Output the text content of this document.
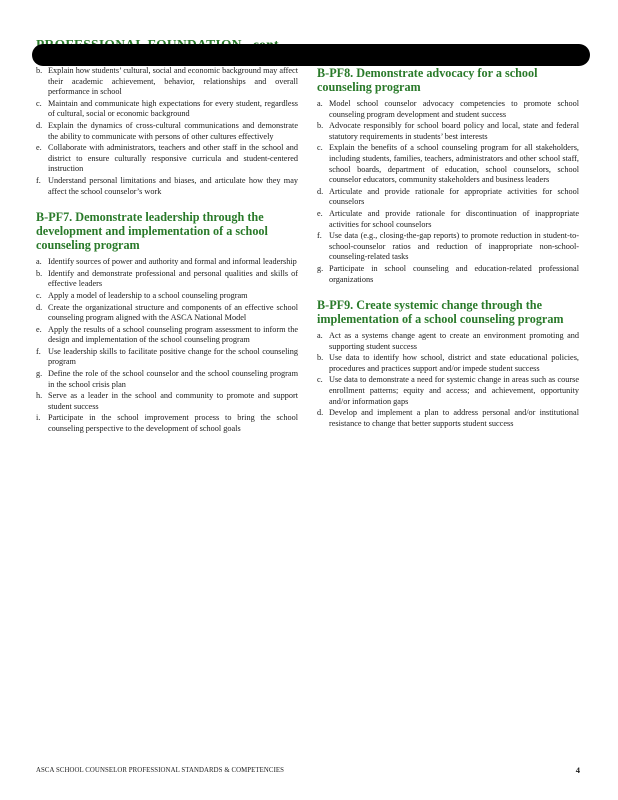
b. Explain how students’ cultural, social and economic background may affect their academic achievement, behavior, relationships and overall performance in school
c. Maintain and communicate high expectations for every student, regardless of cultural, social or economic background
d. Explain the dynamics of cross-cultural communications and demonstrate the ability to communicate with persons of other cultures effectively
e. Collaborate with administrators, teachers and other staff in the school and district to ensure culturally responsive curricula and student-centered instruction
f. Understand personal limitations and biases, and articulate how they may affect the school counselor’s work
B-PF7. Demonstrate leadership through the development and implementation of a school counseling program
a. Identify sources of power and authority and formal and informal leadership
b. Identify and demonstrate professional and personal qualities and skills of effective leaders
c. Apply a model of leadership to a school counseling program
d. Create the organizational structure and components of an effective school counseling program aligned with the ASCA National Model
e. Apply the results of a school counseling program assessment to inform the design and implementation of the school counseling program
f. Use leadership skills to facilitate positive change for the school counseling program
g. Define the role of the school counselor and the school counseling program in the school crisis plan
h. Serve as a leader in the school and community to promote and support student success
i. Participate in the school improvement process to bring the school counseling perspective to the development of school goals
B-PF8. Demonstrate advocacy for a school counseling program
a. Model school counselor advocacy competencies to promote school counseling program development and student success
b. Advocate responsibly for school board policy and local, state and federal statutory requirements in students’ best interests
c. Explain the benefits of a school counseling program for all stakeholders, including students, families, teachers, administrators and other school staff, school boards, department of education, school counselors, school counselor educators, community stakeholders and business leaders
d. Articulate and provide rationale for appropriate activities for school counselors
e. Articulate and provide rationale for discontinuation of inappropriate activities for school counselors
f. Use data (e.g., closing-the-gap reports) to promote reduction in student-to-school-counselor ratios and reduction of inappropriate non-school-counseling-related tasks
g. Participate in school counseling and education-related professional organizations
B-PF9. Create systemic change through the implementation of a school counseling program
a. Act as a systems change agent to create an environment promoting and supporting student success
b. Use data to identify how school, district and state educational policies, procedures and practices support and/or impede student success
c. Use data to demonstrate a need for systemic change in areas such as course enrollment patterns; equity and access; and achievement, opportunity and/or information gaps
d. Develop and implement a plan to address personal and/or institutional resistance to change that better supports student success
ASCA SCHOOL COUNSELOR PROFESSIONAL STANDARDS & COMPETENCIES	4
